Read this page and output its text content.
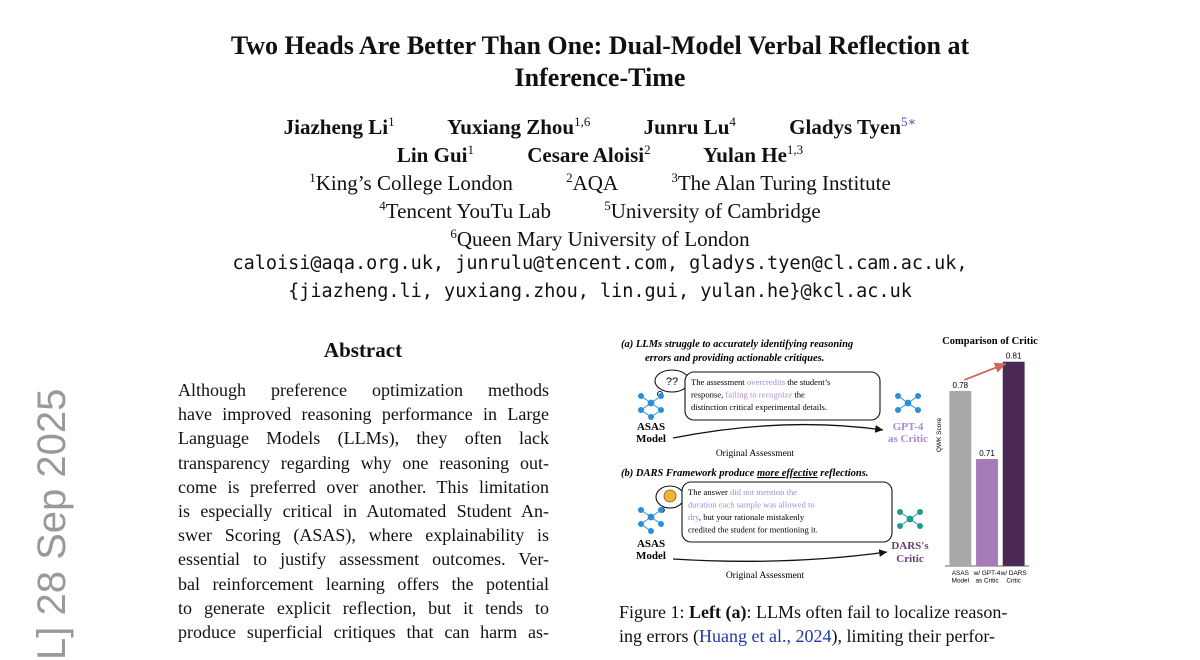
Two Heads Are Better Than One: Dual-Model Verbal Reflection at
Inference-Time
Jiazheng Li$^1$ Yuxiang Zhou$^{1,6}$	Junru Lu$^4$	Gladys Tyen$^{5∗}$
Lin Gui$^1$	Cesare Aloisi$^2$ Yulan He$^{1,3}$
$^1$King’s College London	$^2$AQA	$^3$The Alan Turing Institute
$^4$Tencent YouTu Lab	$^5$University of Cambridge
$^6$Queen Mary University of London
caloisi@aqa.org.uk, junrulu@tencent.com, gladys.tyen@cl.cam.ac.uk,
{jiazheng.li, yuxiang.zhou, lin.gui, yulan.he}@kcl.ac.uk
L] 28 Sep 2025
Abstract
Although preference optimization methods
have improved reasoning performance in Large
Language Models (LLMs), they often lack
transparency regarding why one reasoning out-
come is preferred over another. This limitation
is especially critical in Automated Student An-
swer Scoring (ASAS), where explainability is
essential to justify assessment outcomes. Ver-
bal reinforcement learning offers the potential
to generate explicit reflection, but it tends to
produce superficial critiques that can harm as-
(a) LLMs struggle to accurately identifying reasoning
errors and providing actionable critiques.
?? The assessment overcredits the student’s
response, failing to recognize the
distinction critical experimental details.
ASAS
Model
GPT-4
as Critic
Original Assessment
(b) DARS Framework produce more effective reflections.
The answer did not mention the
duration each sample was allowed to
dry, but your rationale mistakenly
credited the student for mentioning it.
ASAS
Model
DARS's
Critic
Original Assessment
Comparison of Critic
QWK Score
0.78
ASAS
Model
0.71
w/ GPT-4
as Critic
0.81
w/ DARS
Critic
Figure 1: Left (a): LLMs often fail to localize reason-
ing errors (Huang et al., 2024), limiting their perfor-
